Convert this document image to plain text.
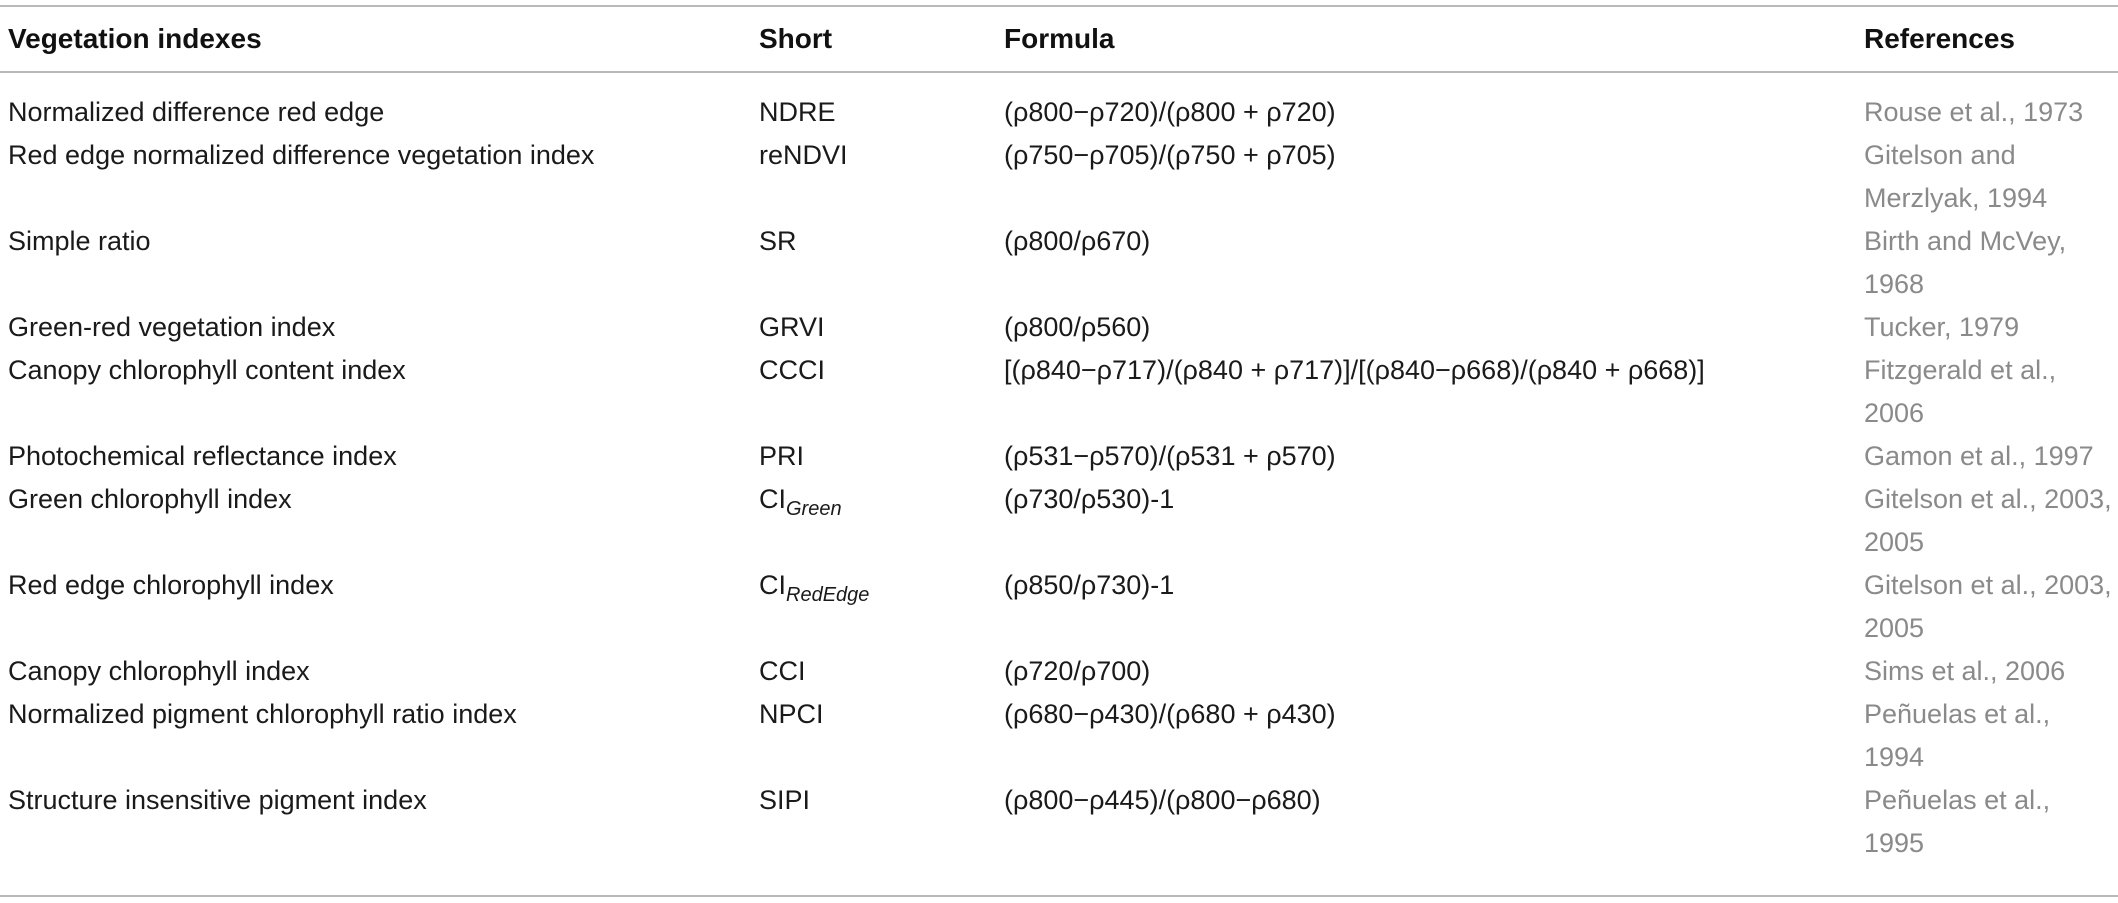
Vegetation indexes	Short	Formula	References
Normalized difference red edge	NDRE	(ρ800−ρ720)/(ρ800 + ρ720)	Rouse et al., 1973
Red edge normalized difference vegetation index	reNDVI	(ρ750−ρ705)/(ρ750 + ρ705)	Gitelson and Merzlyak, 1994
Simple ratio	SR	(ρ800/ρ670)	Birth and McVey, 1968
Green-red vegetation index	GRVI	(ρ800/ρ560)	Tucker, 1979
Canopy chlorophyll content index	CCCI	[(ρ840−ρ717)/(ρ840 + ρ717)]/[(ρ840−ρ668)/(ρ840 + ρ668)]	Fitzgerald et al., 2006
Photochemical reflectance index	PRI	(ρ531−ρ570)/(ρ531 + ρ570)	Gamon et al., 1997
Green chlorophyll index	$CI_{Green}$	(ρ730/ρ530)-1	Gitelson et al., 2003, 2005
Red edge chlorophyll index	$CI_{RedEdge}$	(ρ850/ρ730)-1	Gitelson et al., 2003, 2005
Canopy chlorophyll index	CCI	(ρ720/ρ700)	Sims et al., 2006
Normalized pigment chlorophyll ratio index	NPCI	(ρ680−ρ430)/(ρ680 + ρ430)	Peñuelas et al., 1994
Structure insensitive pigment index	SIPI	(ρ800−ρ445)/(ρ800−ρ680)	Peñuelas et al., 1995
